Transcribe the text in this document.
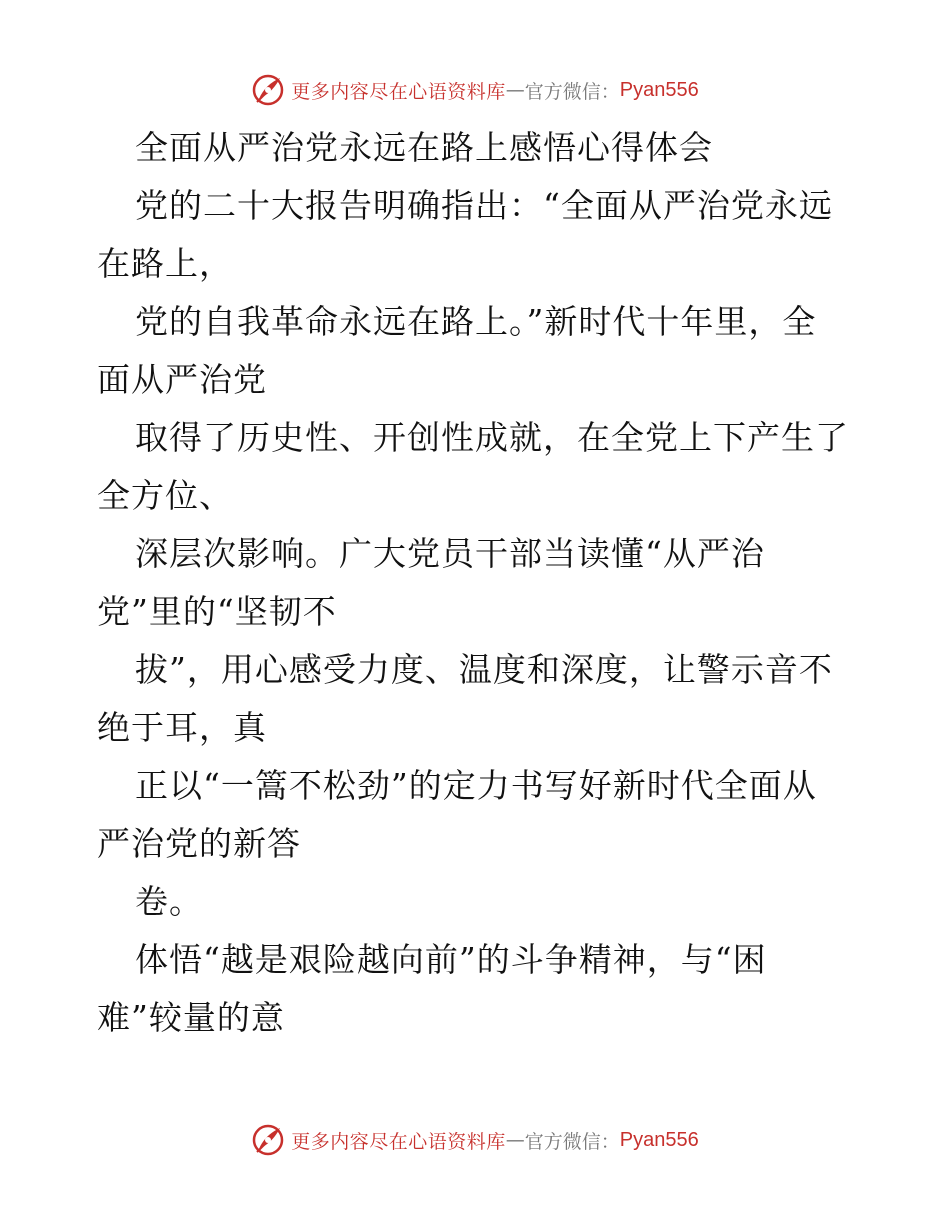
更多内容尽在心语资料库 — 官方微信： Pyan556
全面从严治党永远在路上感悟心得体会
党的二十大报告明确指出：“全面从严治党永远
在路上，
党的自我革命永远在路上。”新时代十年里，全
面从严治党
取得了历史性、开创性成就，在全党上下产生了
全方位、
深层次影响。广大党员干部当读懂“从严治
党”里的“坚韧不
拔”，用心感受力度、温度和深度，让警示音不
绝于耳，真
正以“一篙不松劲”的定力书写好新时代全面从
严治党的新答
卷。
体悟“越是艰险越向前”的斗争精神，与“困
难”较量的意
更多内容尽在心语资料库 — 官方微信： Pyan556
